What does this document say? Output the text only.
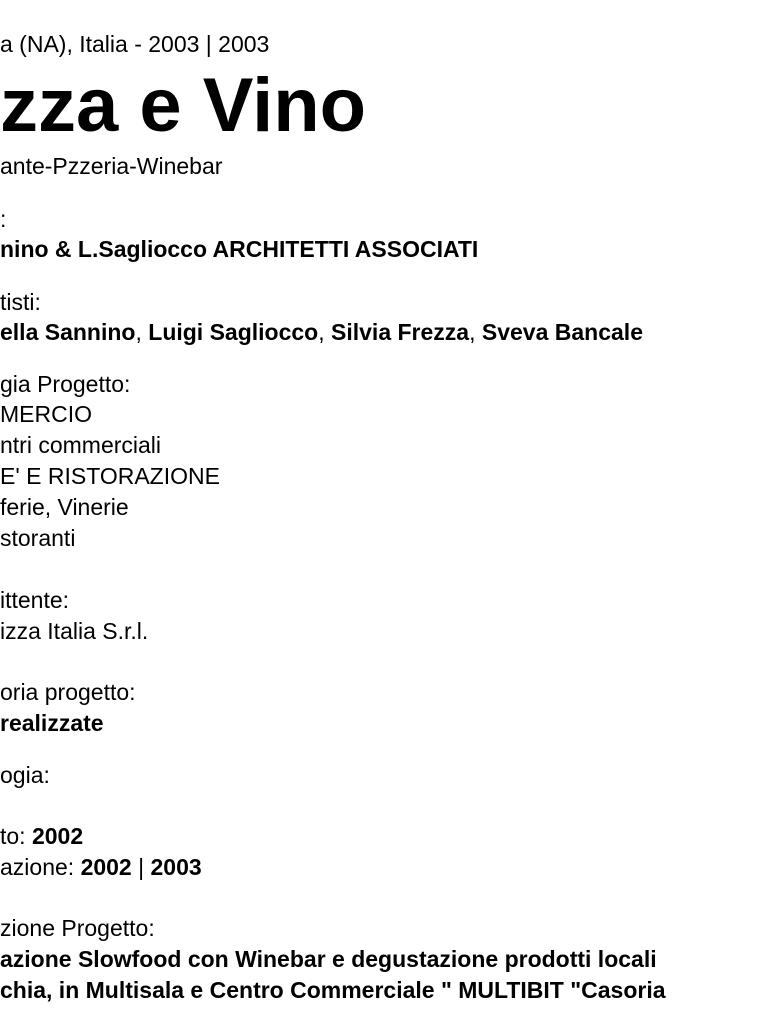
a (NA), Italia - 2003 | 2003
zza e Vino
ante-Pzzeria-Winebar
:
nino & L.Sagliocco ARCHITETTI ASSOCIATI
tisti:
ella Sannino, Luigi Sagliocco, Silvia Frezza, Sveva Bancale
gia Progetto:
MERCIO
ntri commerciali
E' E RISTORAZIONE
ferie, Vinerie
storanti
ittente:
izza Italia S.r.l.
oria progetto:
realizzate
ogia:
to: 2002
azione: 2002 | 2003
zione Progetto:
azione Slowfood con Winebar e degustazione prodotti locali
chia, in Multisala e Centro Commerciale " MULTIBIT "Casoria
